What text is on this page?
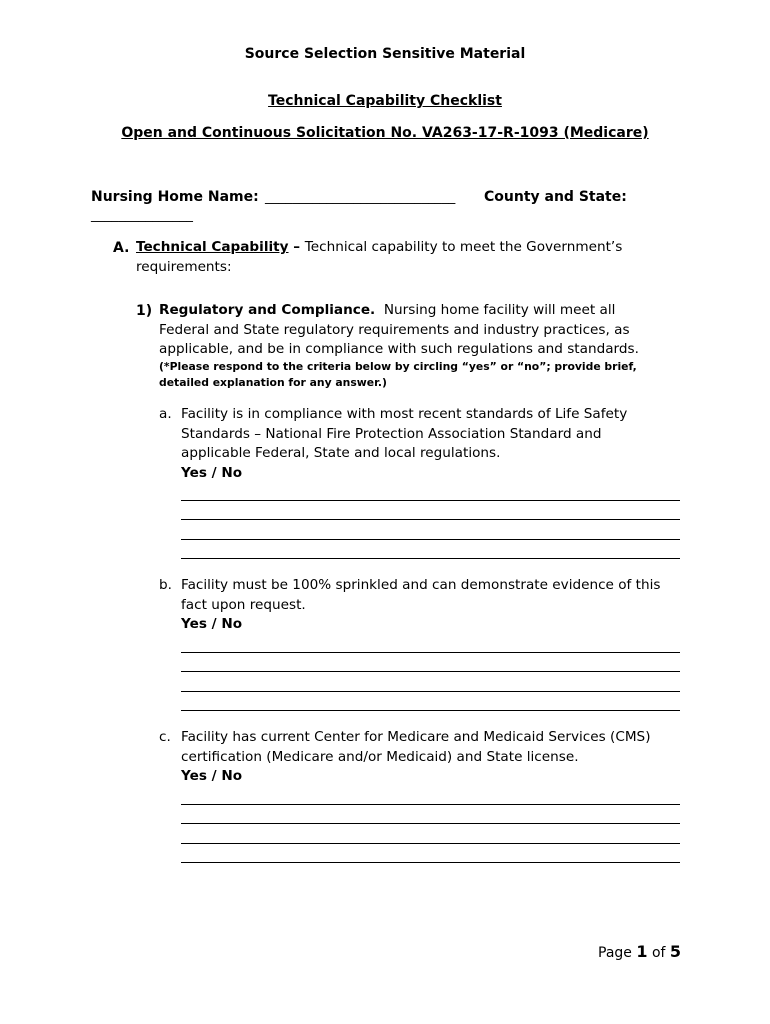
Source Selection Sensitive Material
Technical Capability Checklist
Open and Continuous Solicitation No. VA263-17-R-1093 (Medicare)
Nursing Home Name: ____________________________ County and State:
_______________
A. Technical Capability – Technical capability to meet the Government’s
requirements:
1) Regulatory and Compliance. Nursing home facility will meet all
Federal and State regulatory requirements and industry practices, as
applicable, and be in compliance with such regulations and standards.
(*Please respond to the criteria below by circling “yes” or “no”; provide brief,
detailed explanation for any answer.)
a. Facility is in compliance with most recent standards of Life Safety
Standards – National Fire Protection Association Standard and
applicable Federal, State and local regulations.
Yes / No
b. Facility must be 100% sprinkled and can demonstrate evidence of this
fact upon request.
Yes / No
c. Facility has current Center for Medicare and Medicaid Services (CMS)
certification (Medicare and/or Medicaid) and State license.
Yes / No
Page 1 of 5
